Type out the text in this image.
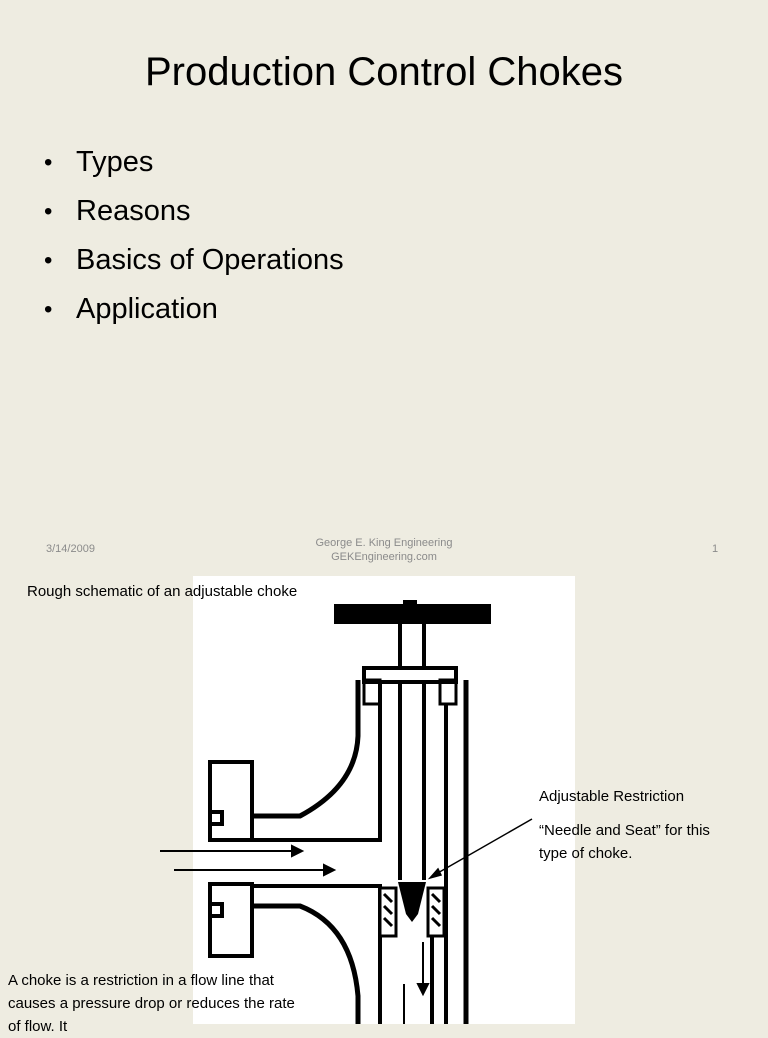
Production Control Chokes
• Types
• Reasons
• Basics of Operations
• Application
3/14/2009	George E. King Engineering
GEKEngineering.com
1
Rough schematic of an adjustable choke
Adjustable Restriction
“Needle and Seat” for this type of choke.
A choke is a restriction in a flow line that causes a pressure drop or reduces the rate of flow. It
